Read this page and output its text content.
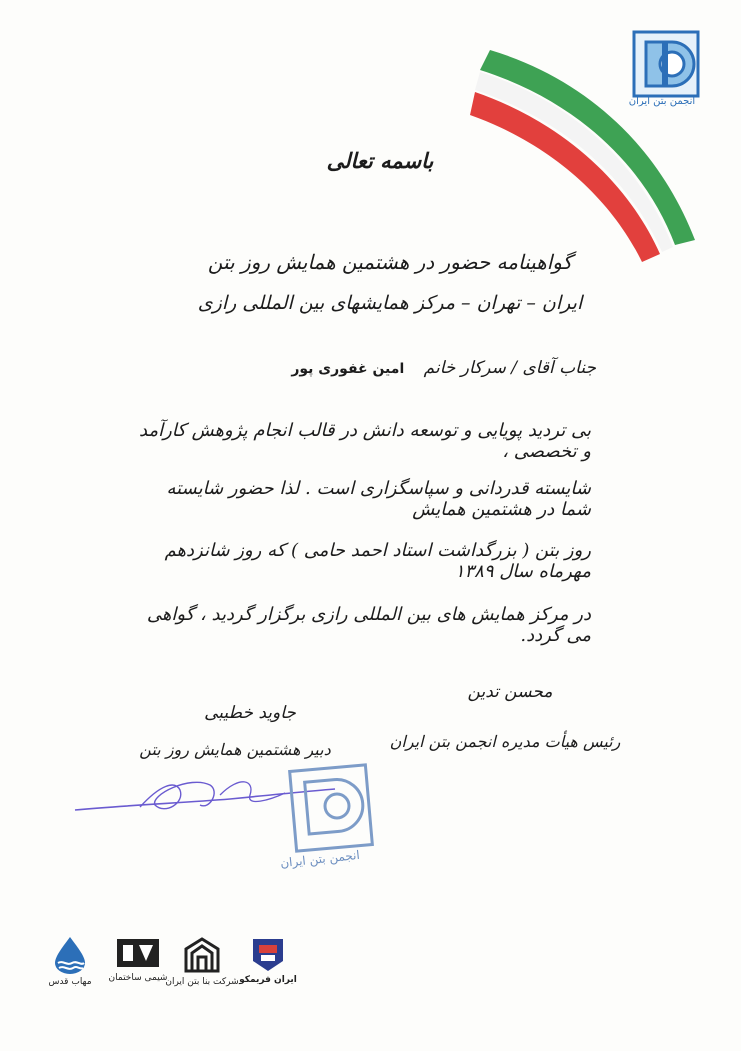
انجمن بتن ایران
باسمه تعالی
گواهینامه حضور در هشتمین همایش روز بتن
ایران – تهران – مرکز همایشهای بین المللی رازی
جناب آقای / سرکار خانم امین غفوری پور
بی تردید پویایی و توسعه دانش در قالب انجام پژوهش کارآمد و تخصصی ،
شایسته قدردانی و سپاسگزاری است . لذا حضور شایسته شما در هشتمین همایش
روز بتن ( بزرگداشت استاد احمد حامی ) که روز شانزدهم مهرماه سال ۱۳۸۹
در مرکز همایش های بین المللی رازی برگزار گردید ، گواهی می گردد.
محسن تدین
رئیس هیأت مدیره انجمن بتن ایران
جاوید خطیبی
دبیر هشتمین همایش روز بتن
انجمن بتن ایران
ایران فریمکو
شرکت بنا بتن ایران
شیمی ساختمان
مهاب قدس
